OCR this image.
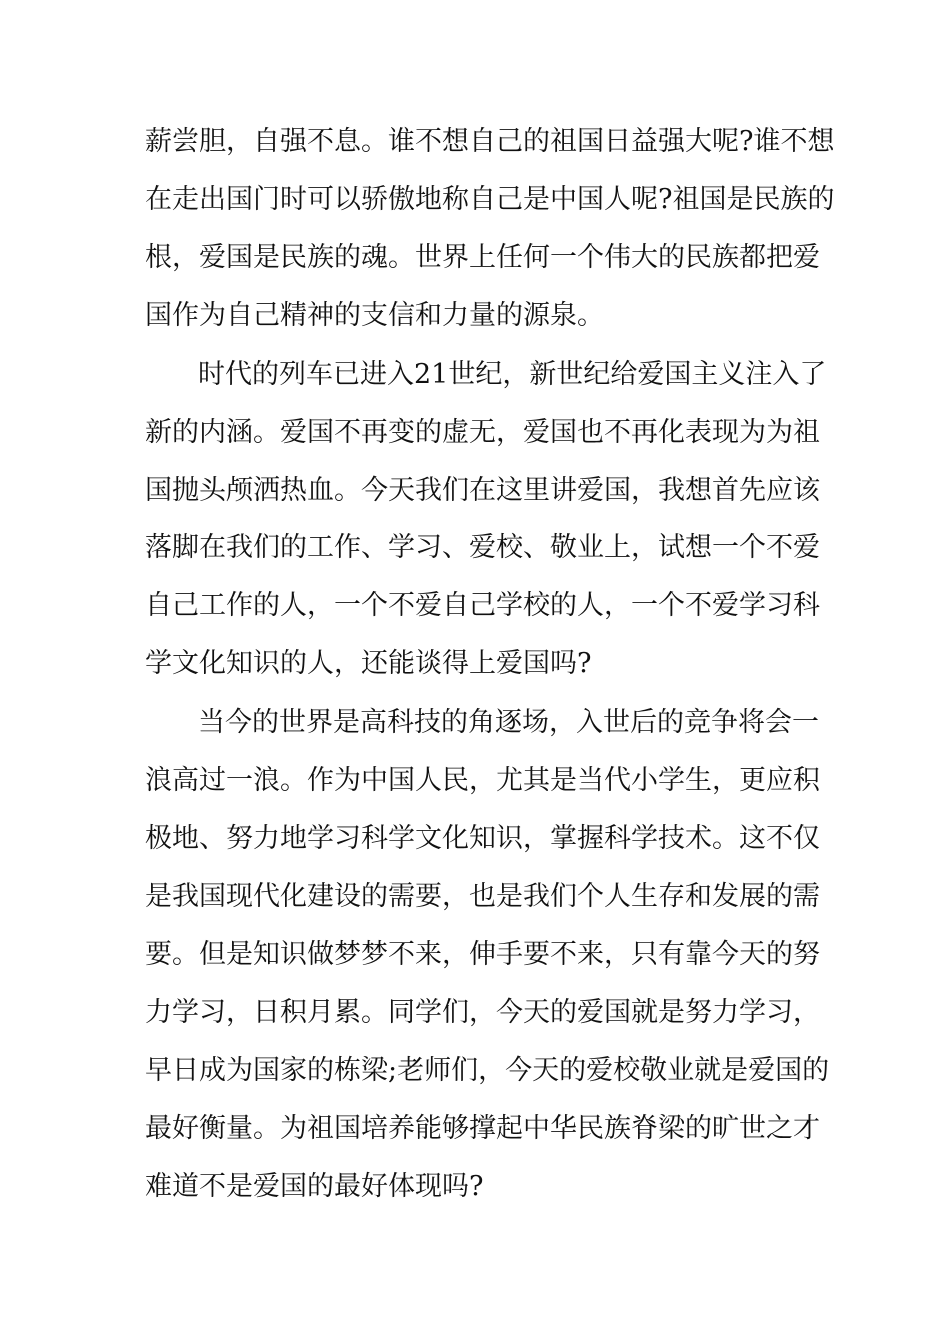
薪尝胆，自强不息。谁不想自己的祖国日益强大呢?谁不想
在走出国门时可以骄傲地称自己是中国人呢?祖国是民族的
根，爱国是民族的魂。世界上任何一个伟大的民族都把爱
国作为自己精神的支信和力量的源泉。
时代的列车已进入21世纪，新世纪给爱国主义注入了
新的内涵。爱国不再变的虚无，爱国也不再化表现为为祖
国抛头颅洒热血。今天我们在这里讲爱国，我想首先应该
落脚在我们的工作、学习、爱校、敬业上，试想一个不爱
自己工作的人，一个不爱自己学校的人，一个不爱学习科
学文化知识的人，还能谈得上爱国吗?
当今的世界是高科技的角逐场，入世后的竞争将会一
浪高过一浪。作为中国人民，尤其是当代小学生，更应积
极地、努力地学习科学文化知识，掌握科学技术。这不仅
是我国现代化建设的需要，也是我们个人生存和发展的需
要。但是知识做梦梦不来，伸手要不来，只有靠今天的努
力学习，日积月累。同学们，今天的爱国就是努力学习，
早日成为国家的栋梁;老师们，今天的爱校敬业就是爱国的
最好衡量。为祖国培养能够撑起中华民族脊梁的旷世之才
难道不是爱国的最好体现吗?
